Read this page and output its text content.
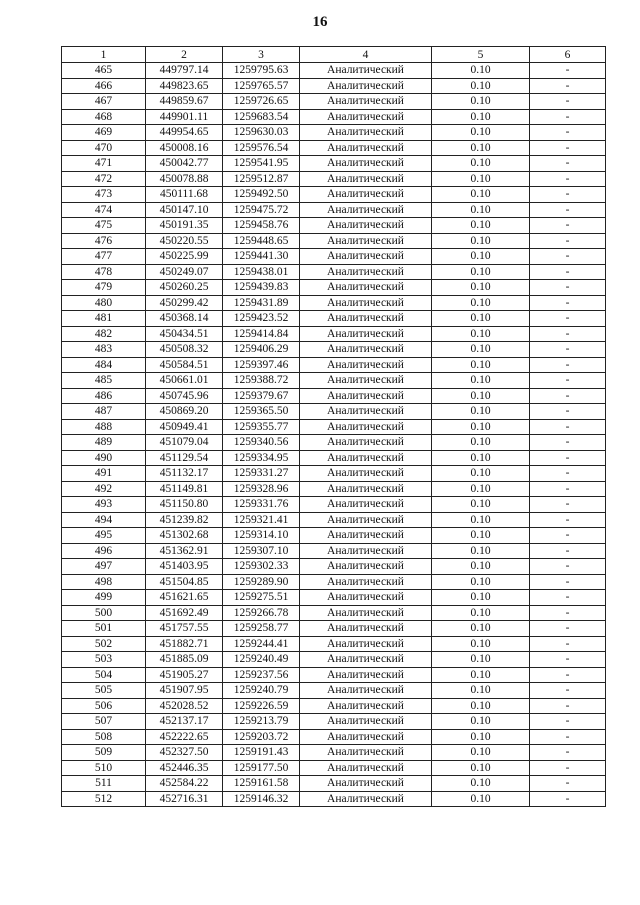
16
1	2	3	4	5	6
465	449797.14	1259795.63	Аналитический	0.10	-
466	449823.65	1259765.57	Аналитический	0.10	-
467	449859.67	1259726.65	Аналитический	0.10	-
468	449901.11	1259683.54	Аналитический	0.10	-
469	449954.65	1259630.03	Аналитический	0.10	-
470	450008.16	1259576.54	Аналитический	0.10	-
471	450042.77	1259541.95	Аналитический	0.10	-
472	450078.88	1259512.87	Аналитический	0.10	-
473	450111.68	1259492.50	Аналитический	0.10	-
474	450147.10	1259475.72	Аналитический	0.10	-
475	450191.35	1259458.76	Аналитический	0.10	-
476	450220.55	1259448.65	Аналитический	0.10	-
477	450225.99	1259441.30	Аналитический	0.10	-
478	450249.07	1259438.01	Аналитический	0.10	-
479	450260.25	1259439.83	Аналитический	0.10	-
480	450299.42	1259431.89	Аналитический	0.10	-
481	450368.14	1259423.52	Аналитический	0.10	-
482	450434.51	1259414.84	Аналитический	0.10	-
483	450508.32	1259406.29	Аналитический	0.10	-
484	450584.51	1259397.46	Аналитический	0.10	-
485	450661.01	1259388.72	Аналитический	0.10	-
486	450745.96	1259379.67	Аналитический	0.10	-
487	450869.20	1259365.50	Аналитический	0.10	-
488	450949.41	1259355.77	Аналитический	0.10	-
489	451079.04	1259340.56	Аналитический	0.10	-
490	451129.54	1259334.95	Аналитический	0.10	-
491	451132.17	1259331.27	Аналитический	0.10	-
492	451149.81	1259328.96	Аналитический	0.10	-
493	451150.80	1259331.76	Аналитический	0.10	-
494	451239.82	1259321.41	Аналитический	0.10	-
495	451302.68	1259314.10	Аналитический	0.10	-
496	451362.91	1259307.10	Аналитический	0.10	-
497	451403.95	1259302.33	Аналитический	0.10	-
498	451504.85	1259289.90	Аналитический	0.10	-
499	451621.65	1259275.51	Аналитический	0.10	-
500	451692.49	1259266.78	Аналитический	0.10	-
501	451757.55	1259258.77	Аналитический	0.10	-
502	451882.71	1259244.41	Аналитический	0.10	-
503	451885.09	1259240.49	Аналитический	0.10	-
504	451905.27	1259237.56	Аналитический	0.10	-
505	451907.95	1259240.79	Аналитический	0.10	-
506	452028.52	1259226.59	Аналитический	0.10	-
507	452137.17	1259213.79	Аналитический	0.10	-
508	452222.65	1259203.72	Аналитический	0.10	-
509	452327.50	1259191.43	Аналитический	0.10	-
510	452446.35	1259177.50	Аналитический	0.10	-
511	452584.22	1259161.58	Аналитический	0.10	-
512	452716.31	1259146.32	Аналитический	0.10	-
